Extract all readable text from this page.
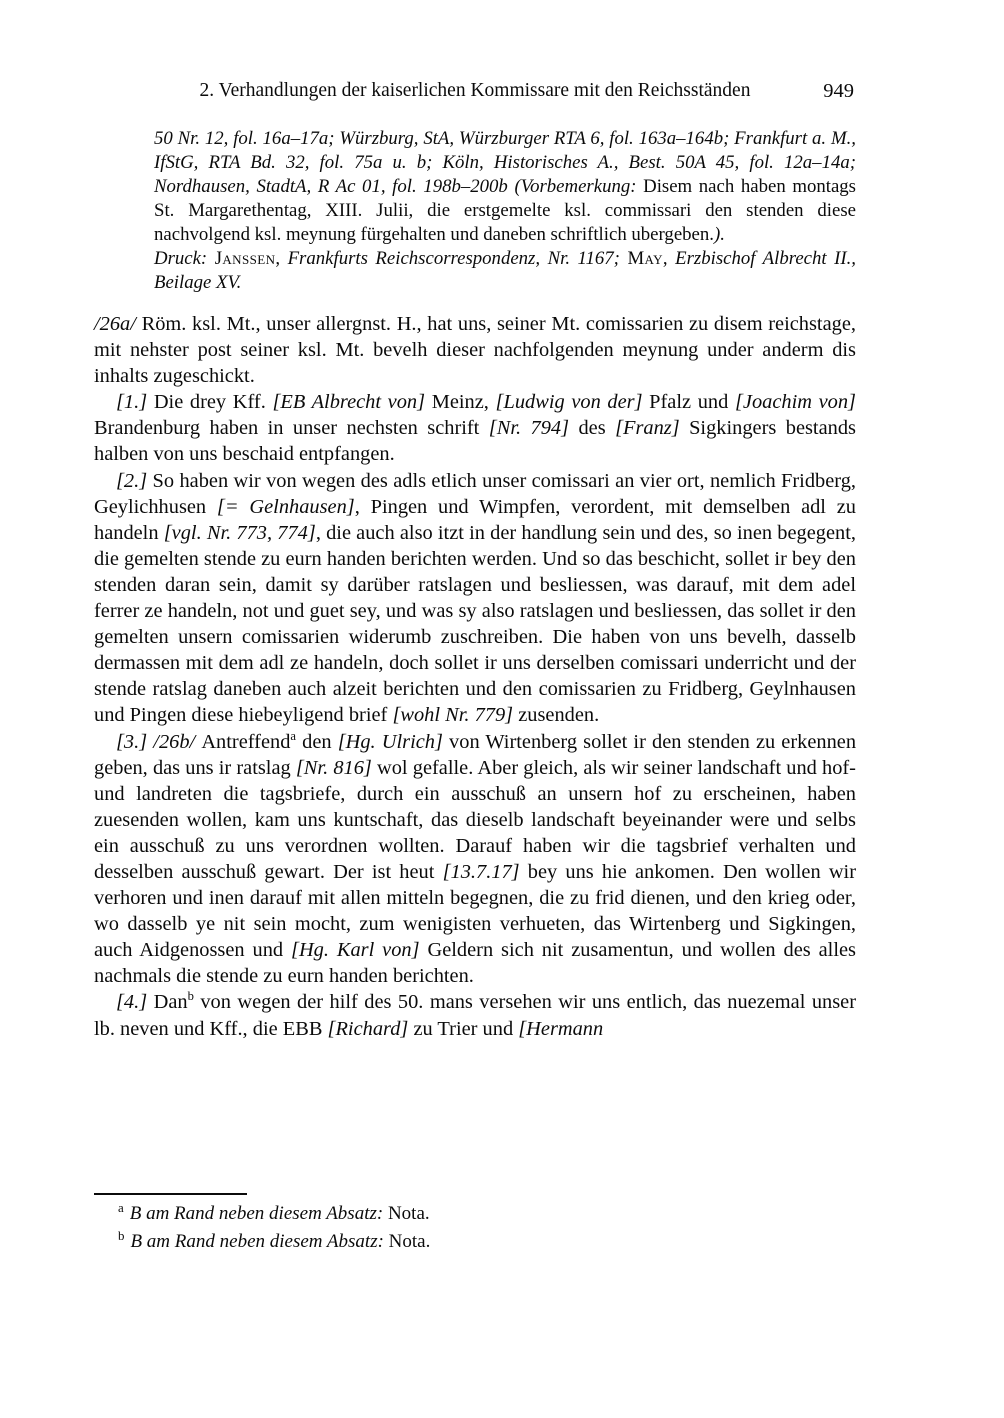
2. Verhandlungen der kaiserlichen Kommissare mit den Reichsständen	949

50 Nr. 12, fol. 16a–17a; Würzburg, StA, Würzburger RTA 6, fol. 163a–164b; Frankfurt a. M., IfStG, RTA Bd. 32, fol. 75a u. b; Köln, Historisches A., Best. 50A 45, fol. 12a–14a; Nordhausen, StadtA, R Ac 01, fol. 198b–200b (Vorbemerkung: Disem nach haben montags St. Margarethentag, XIII. Julii, die erstgemelte ksl. commissari den stenden diese nachvolgend ksl. meynung fürgehalten und daneben schriftlich ubergeben.).

Druck: Janssen, Frankfurts Reichscorrespondenz, Nr. 1167; May, Erzbischof Albrecht II., Beilage XV.

/26a/ Röm. ksl. Mt., unser allergnst. H., hat uns, seiner Mt. comissarien zu disem reichstage, mit nehster post seiner ksl. Mt. bevelh dieser nachfolgenden meynung under anderm dis inhalts zugeschickt.

[1.] Die drey Kff. [EB Albrecht von] Meinz, [Ludwig von der] Pfalz und [Joachim von] Brandenburg haben in unser nechsten schrift [Nr. 794] des [Franz] Sigkingers bestands halben von uns beschaid entpfangen.

[2.] So haben wir von wegen des adls etlich unser comissari an vier ort, nemlich Fridberg, Geylichhusen [= Gelnhausen], Pingen und Wimpfen, verordent, mit demselben adl zu handeln [vgl. Nr. 773, 774], die auch also itzt in der handlung sein und des, so inen begegent, die gemelten stende zu eurn handen berichten werden. Und so das beschicht, sollet ir bey den stenden daran sein, damit sy darüber ratslagen und besliessen, was darauf, mit dem adel ferrer ze handeln, not und guet sey, und was sy also ratslagen und besliessen, das sollet ir den gemelten unsern comissarien widerumb zuschreiben. Die haben von uns bevelh, dasselb dermassen mit dem adl ze handeln, doch sollet ir uns derselben comissari underricht und der stende ratslag daneben auch alzeit berichten und den comissarien zu Fridberg, Geylnhausen und Pingen diese hiebeyligend brief [wohl Nr. 779] zusenden.

[3.] /26b/ Antreffend$^a$ den [Hg. Ulrich] von Wirtenberg sollet ir den stenden zu erkennen geben, das uns ir ratslag [Nr. 816] wol gefalle. Aber gleich, als wir seiner landschaft und hof- und landreten die tagsbriefe, durch ein ausschuß an unsern hof zu erscheinen, haben zuesenden wollen, kam uns kuntschaft, das dieselb landschaft beyeinander were und selbs ein ausschuß zu uns verordnen wollten. Darauf haben wir die tagsbrief verhalten und desselben ausschuß gewart. Der ist heut [13.7.17] bey uns hie ankomen. Den wollen wir verhoren und inen darauf mit allen mitteln begegnen, die zu frid dienen, und den krieg oder, wo dasselb ye nit sein mocht, zum wenigisten verhueten, das Wirtenberg und Sigkingen, auch Aidgenossen und [Hg. Karl von] Geldern sich nit zusamentun, und wollen des alles nachmals die stende zu eurn handen berichten.

[4.] Dan$^b$ von wegen der hilf des 50. mans versehen wir uns entlich, das nuezemal unser lb. neven und Kff., die EBB [Richard] zu Trier und [Hermann

$^a$ B am Rand neben diesem Absatz: Nota.
$^b$ B am Rand neben diesem Absatz: Nota.
